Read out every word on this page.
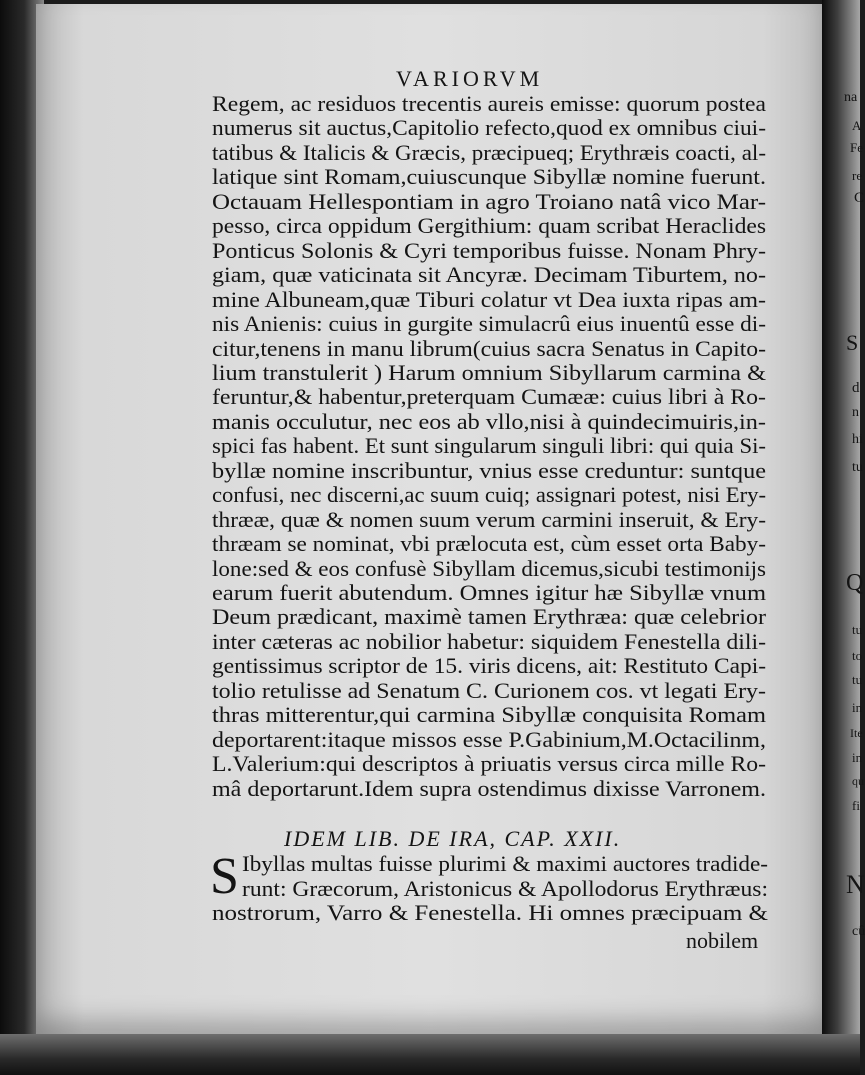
VARIORVM
Regem, ac residuos trecentis aureis emisse: quorum postea
numerus sit auctus,Capitolio refecto,quod ex omnibus ciui-
tatibus & Italicis & Græcis, præcipueq; Erythræis coacti, al-
latique sint Romam,cuiuscunque Sibyllæ nomine fuerunt.
Octauam Hellespontiam in agro Troiano natâ vico Mar-
pesso, circa oppidum Gergithium: quam scribat Heraclides
Ponticus Solonis & Cyri temporibus fuisse. Nonam Phry-
giam, quæ vaticinata sit Ancyræ. Decimam Tiburtem, no-
mine Albuneam,quæ Tiburi colatur vt Dea iuxta ripas am-
nis Anienis: cuius in gurgite simulacrû eius inuentû esse di-
citur,tenens in manu librum(cuius sacra Senatus in Capito-
lium transtulerit ) Harum omnium Sibyllarum carmina &
feruntur,& habentur,preterquam Cumææ: cuius libri à Ro-
manis occulutur, nec eos ab vllo,nisi à quindecimuiris,in-
spici fas habent. Et sunt singularum singuli libri: qui quia Si-
byllæ nomine inscribuntur, vnius esse creduntur: suntque
confusi, nec discerni,ac suum cuiq; assignari potest, nisi Ery-
thrææ, quæ & nomen suum verum carmini inseruit, & Ery-
thræam se nominat, vbi prælocuta est, cùm esset orta Baby-
lone:sed & eos confusè Sibyllam dicemus,sicubi testimonijs
earum fuerit abutendum. Omnes igitur hæ Sibyllæ vnum
Deum prædicant, maximè tamen Erythræa: quæ celebrior
inter cæteras ac nobilior habetur: siquidem Fenestella dili-
gentissimus scriptor de 15. viris dicens, ait: Restituto Capi-
tolio retulisse ad Senatum C. Curionem cos. vt legati Ery-
thras mitterentur,qui carmina Sibyllæ conquisita Romam
deportarent:itaque missos esse P.Gabinium,M.Octacilinm,
L.Valerium:qui descriptos à priuatis versus circa mille Ro-
mâ deportarunt.Idem supra ostendimus dixisse Varronem.
IDEM LIB. DE IRA, CAP. XXII.
S Ibyllas multas fuisse plurimi & maximi auctores tradide-
runt: Græcorum, Aristonicus & Apollodorus Erythræus:
nostrorum, Varro & Fenestella. Hi omnes præcipuam &
nobilem
na
A
Fe
re
C
S
d
n
hi
tu
Q
tu
to
tu
in
Ite
in
qu
fi
N
cû
